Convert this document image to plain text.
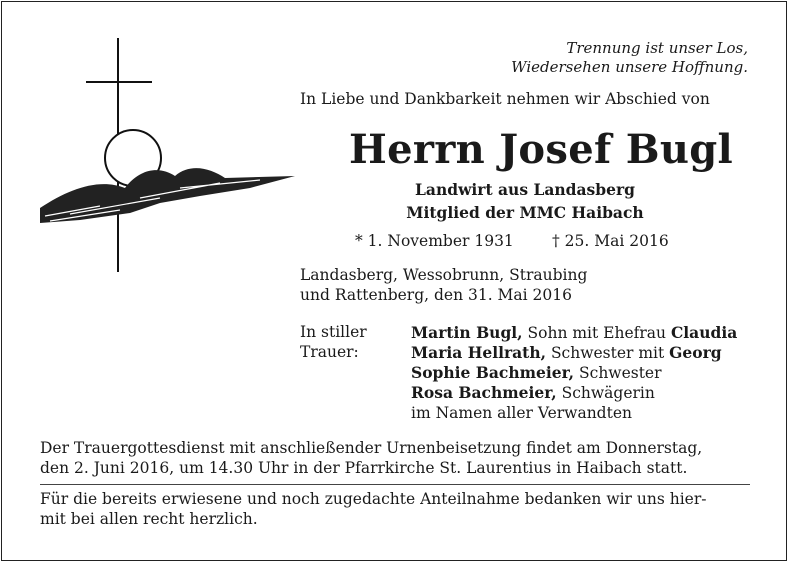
Trennung ist unser Los,
Wiedersehen unsere Hoffnung.
In Liebe und Dankbarkeit nehmen wir Abschied von
Herrn Josef Bugl
Landwirt aus Landasberg
Mitglied der MMC Haibach
* 1. November 1931 † 25. Mai 2016
Landasberg, Wessobrunn, Straubing
und Rattenberg, den 31. Mai 2016
In stiller
Trauer:
Martin Bugl, Sohn mit Ehefrau Claudia
Maria Hellrath, Schwester mit Georg
Sophie Bachmeier, Schwester
Rosa Bachmeier, Schwägerin
im Namen aller Verwandten
Der Trauergottesdienst mit anschließender Urnenbeisetzung findet am Donnerstag,
den 2. Juni 2016, um 14.30 Uhr in der Pfarrkirche St. Laurentius in Haibach statt.
Für die bereits erwiesene und noch zugedachte Anteilnahme bedanken wir uns hier-
mit bei allen recht herzlich.
